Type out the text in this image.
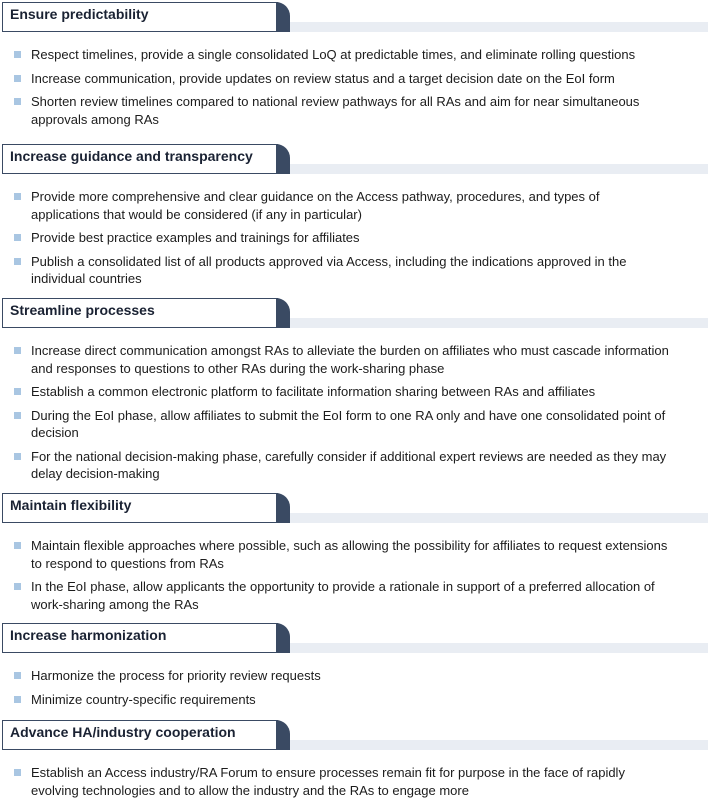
Ensure predictability
Respect timelines, provide a single consolidated LoQ at predictable times, and eliminate rolling questions
Increase communication, provide updates on review status and a target decision date on the EoI form
Shorten review timelines compared to national review pathways for all RAs and aim for near simultaneous approvals among RAs
Increase guidance and transparency
Provide more comprehensive and clear guidance on the Access pathway, procedures, and types of applications that would be considered (if any in particular)
Provide best practice examples and trainings for affiliates
Publish a consolidated list of all products approved via Access, including the indications approved in the individual countries
Streamline processes
Increase direct communication amongst RAs to alleviate the burden on affiliates who must cascade information and responses to questions to other RAs during the work-sharing phase
Establish a common electronic platform to facilitate information sharing between RAs and affiliates
During the EoI phase, allow affiliates to submit the EoI form to one RA only and have one consolidated point of decision
For the national decision-making phase, carefully consider if additional expert reviews are needed as they may delay decision-making
Maintain flexibility
Maintain flexible approaches where possible, such as allowing the possibility for affiliates to request extensions to respond to questions from RAs
In the EoI phase, allow applicants the opportunity to provide a rationale in support of a preferred allocation of work-sharing among the RAs
Increase harmonization
Harmonize the process for priority review requests
Minimize country-specific requirements
Advance HA/industry cooperation
Establish an Access industry/RA Forum to ensure processes remain fit for purpose in the face of rapidly evolving technologies and to allow the industry and the RAs to engage more
